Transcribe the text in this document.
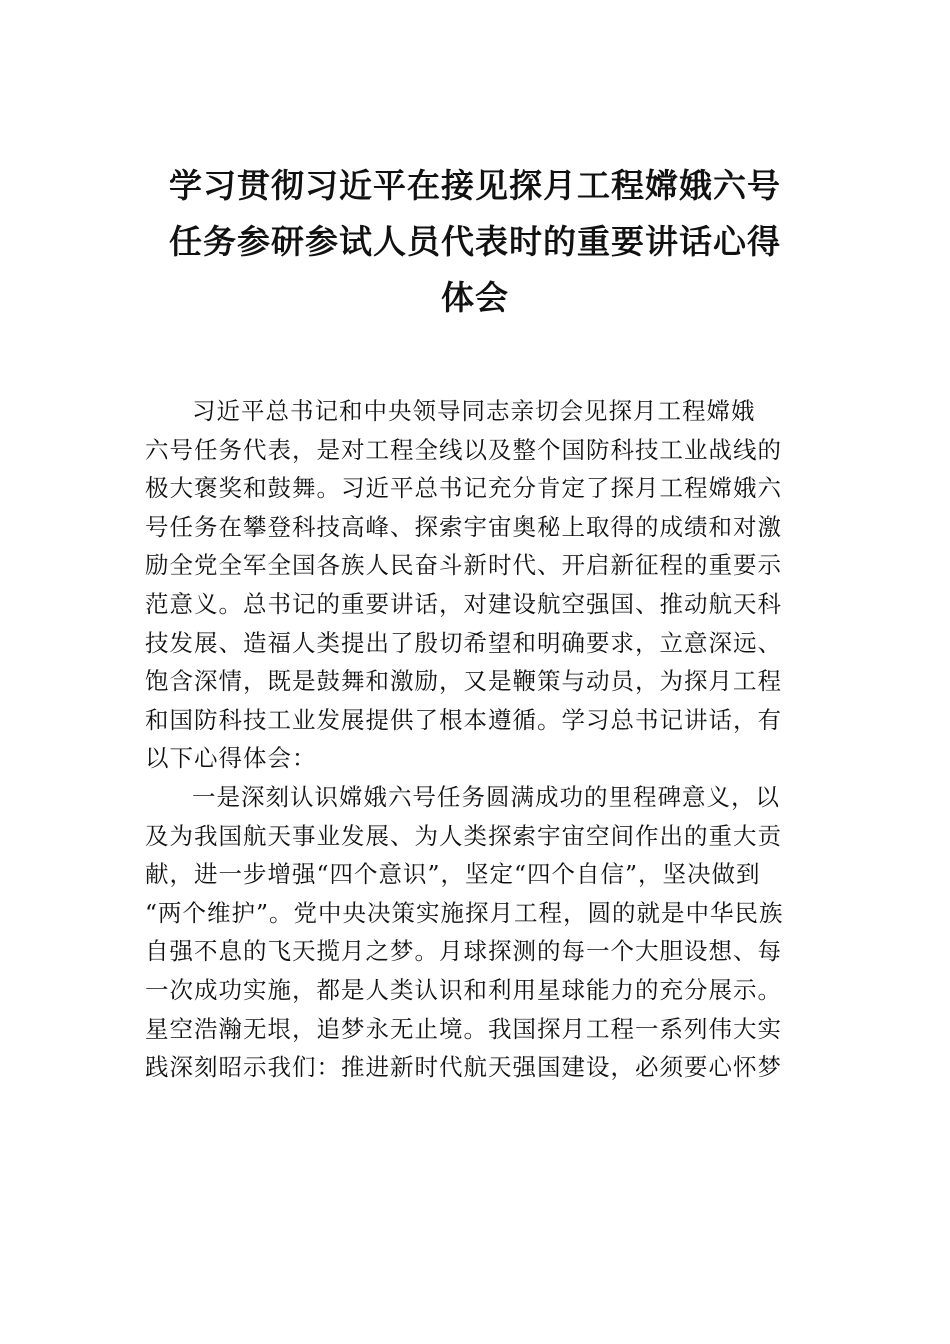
学习贯彻习近平在接见探月工程嫦娥六号
任务参研参试人员代表时的重要讲话心得
体会

习近平总书记和中央领导同志亲切会见探月工程嫦娥
六号任务代表，是对工程全线以及整个国防科技工业战线的
极大褒奖和鼓舞。习近平总书记充分肯定了探月工程嫦娥六
号任务在攀登科技高峰、探索宇宙奥秘上取得的成绩和对激
励全党全军全国各族人民奋斗新时代、开启新征程的重要示
范意义。总书记的重要讲话，对建设航空强国、推动航天科
技发展、造福人类提出了殷切希望和明确要求，立意深远、
饱含深情，既是鼓舞和激励，又是鞭策与动员，为探月工程
和国防科技工业发展提供了根本遵循。学习总书记讲话，有
以下心得体会：

一是深刻认识嫦娥六号任务圆满成功的里程碑意义，以
及为我国航天事业发展、为人类探索宇宙空间作出的重大贡
献，进一步增强“四个意识”，坚定“四个自信”，坚决做到
“两个维护”。党中央决策实施探月工程，圆的就是中华民族
自强不息的飞天揽月之梦。月球探测的每一个大胆设想、每
一次成功实施，都是人类认识和利用星球能力的充分展示。
星空浩瀚无垠，追梦永无止境。我国探月工程一系列伟大实
践深刻昭示我们：推进新时代航天强国建设，必须要心怀梦
